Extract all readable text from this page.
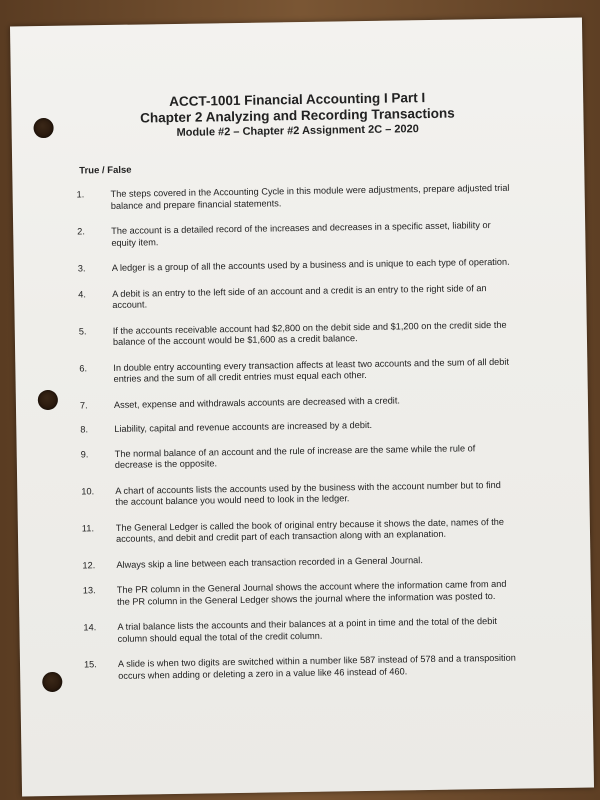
ACCT-1001 Financial Accounting I Part I
Chapter 2 Analyzing and Recording Transactions
Module #2 – Chapter #2 Assignment 2C – 2020
True / False
1.	The steps covered in the Accounting Cycle in this module were adjustments, prepare adjusted trial balance and prepare financial statements.
2.	The account is a detailed record of the increases and decreases in a specific asset, liability or equity item.
3.	A ledger is a group of all the accounts used by a business and is unique to each type of operation.
4.	A debit is an entry to the left side of an account and a credit is an entry to the right side of an account.
5.	If the accounts receivable account had $2,800 on the debit side and $1,200 on the credit side the balance of the account would be $1,600 as a credit balance.
6.	In double entry accounting every transaction affects at least two accounts and the sum of all debit entries and the sum of all credit entries must equal each other.
7.	Asset, expense and withdrawals accounts are decreased with a credit.
8.	Liability, capital and revenue accounts are increased by a debit.
9.	The normal balance of an account and the rule of increase are the same while the rule of decrease is the opposite.
10.	A chart of accounts lists the accounts used by the business with the account number but to find the account balance you would need to look in the ledger.
11.	The General Ledger is called the book of original entry because it shows the date, names of the accounts, and debit and credit part of each transaction along with an explanation.
12.	Always skip a line between each transaction recorded in a General Journal.
13.	The PR column in the General Journal shows the account where the information came from and the PR column in the General Ledger shows the journal where the information was posted to.
14.	A trial balance lists the accounts and their balances at a point in time and the total of the debit column should equal the total of the credit column.
15.	A slide is when two digits are switched within a number like 587 instead of 578 and a transposition occurs when adding or deleting a zero in a value like 46 instead of 460.
